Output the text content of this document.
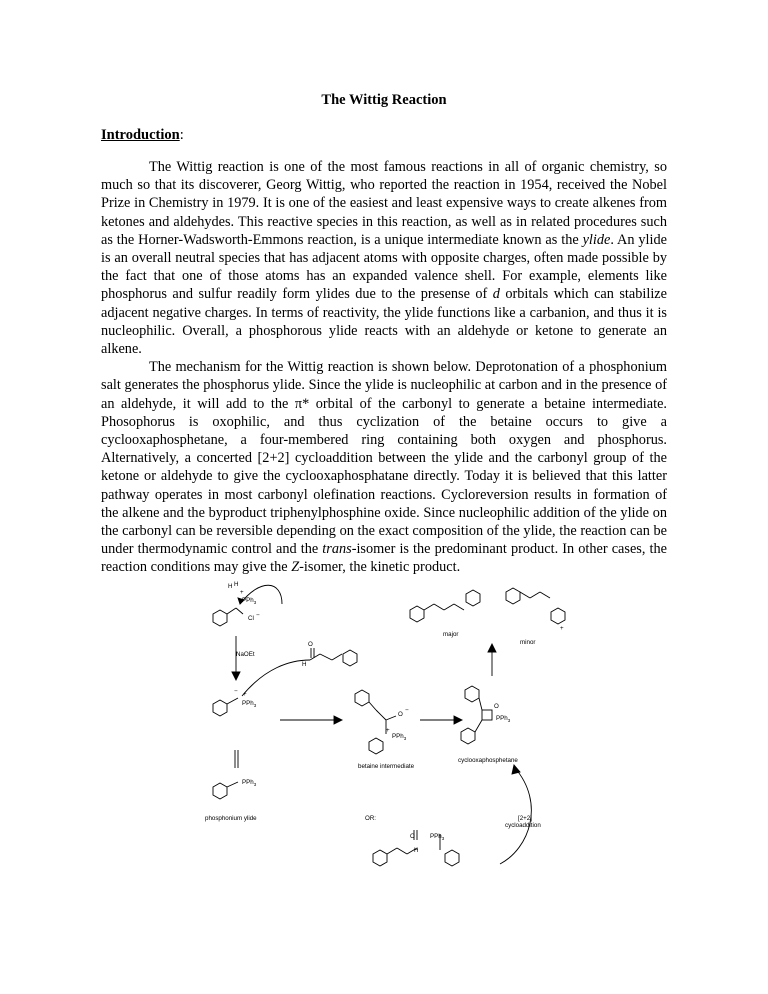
The Wittig Reaction
Introduction:

The Wittig reaction is one of the most famous reactions in all of organic chemistry, so much so that its discoverer, Georg Wittig, who reported the reaction in 1954, received the Nobel Prize in Chemistry in 1979. It is one of the easiest and least expensive ways to create alkenes from ketones and aldehydes. This reactive species in this reaction, as well as in related procedures such as the Horner-Wadsworth-Emmons reaction, is a unique intermediate known as the ylide. An ylide is an overall neutral species that has adjacent atoms with opposite charges, often made possible by the fact that one of those atoms has an expanded valence shell. For example, elements like phosphorus and sulfur readily form ylides due to the presense of d orbitals which can stabilize adjacent negative charges. In terms of reactivity, the ylide functions like a carbanion, and thus it is nucleophilic. Overall, a phosphorous ylide reacts with an aldehyde or ketone to generate an alkene.

The mechanism for the Wittig reaction is shown below. Deprotonation of a phosphonium salt generates the phosphorus ylide. Since the ylide is nucleophilic at carbon and in the presence of an aldehyde, it will add to the π* orbital of the carbonyl to generate a betaine intermediate. Phosophorus is oxophilic, and thus cyclization of the betaine occurs to give a cyclooxaphosphetane, a four-membered ring containing both oxygen and phosphorus. Alternatively, a concerted [2+2] cycloaddition between the ylide and the carbonyl group of the ketone or aldehyde to give the cyclooxaphosphatane directly. Today it is believed that this latter pathway operates in most carbonyl olefination reactions. Cycloreversion results in formation of the alkene and the byproduct triphenylphosphine oxide. Since nucleophilic addition of the ylide on the carbonyl can be reversible depending on the exact composition of the ylide, the reaction can be under thermodynamic control and the trans-isomer is the predominant product. In other cases, the reaction conditions may give the Z-isomer, the kinetic product.

H H
+
PPh$_3$
Cl −
NaOEt
O
H
− +
PPh$_3$
PPh$_3$
O
−
+
PPh$_3$
O
PPh$_3$
+
major
minor
betaine intermediate
cyclooxaphosphetane
phosphonium ylide	OR:
O PPh$_3$
H
[2+2]
cycloaddition
